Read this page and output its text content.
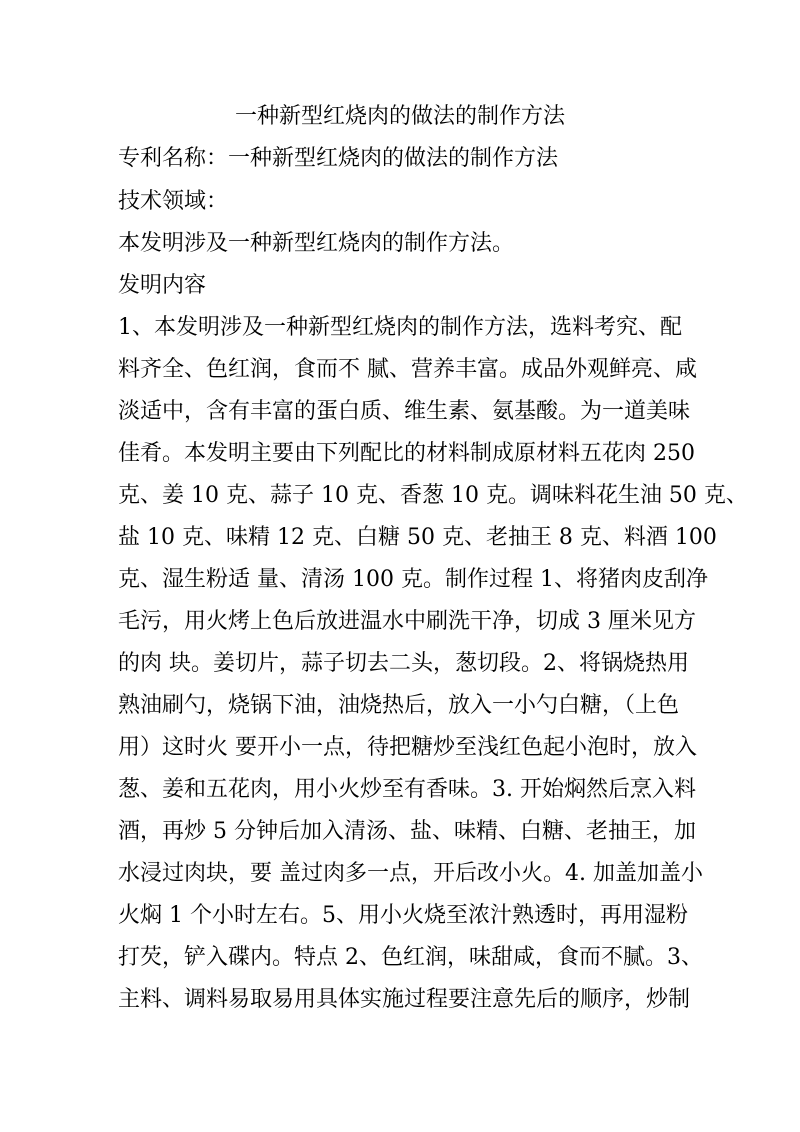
一种新型红烧肉的做法的制作方法
专利名称：一种新型红烧肉的做法的制作方法
技术领域：
本发明涉及一种新型红烧肉的制作方法。
发明内容
1、本发明涉及一种新型红烧肉的制作方法，选料考究、配
料齐全、色红润，食而不 腻、营养丰富。成品外观鲜亮、咸
淡适中，含有丰富的蛋白质、维生素、氨基酸。为一道美味
佳肴。本发明主要由下列配比的材料制成原材料五花肉 250
克、姜 10 克、蒜子 10 克、香葱 10 克。调味料花生油 50 克、
盐 10 克、味精 12 克、白糖 50 克、老抽王 8 克、料酒 100
克、湿生粉适 量、清汤 100 克。制作过程 1、将猪肉皮刮净
毛污，用火烤上色后放进温水中刷洗干净，切成 3 厘米见方
的肉 块。姜切片，蒜子切去二头，葱切段。2、将锅烧热用
熟油刷勺，烧锅下油，油烧热后，放入一小勺白糖，（上色
用）这时火 要开小一点，待把糖炒至浅红色起小泡时，放入
葱、姜和五花肉，用小火炒至有香味。3. 开始焖然后烹入料
酒，再炒 5 分钟后加入清汤、盐、味精、白糖、老抽王，加
水浸过肉块，要 盖过肉多一点，开后改小火。4. 加盖加盖小
火焖 1 个小时左右。5、用小火烧至浓汁熟透时，再用湿粉
打芡，铲入碟内。特点 2、色红润，味甜咸，食而不腻。3、
主料、调料易取易用具体实施过程要注意先后的顺序，炒制
